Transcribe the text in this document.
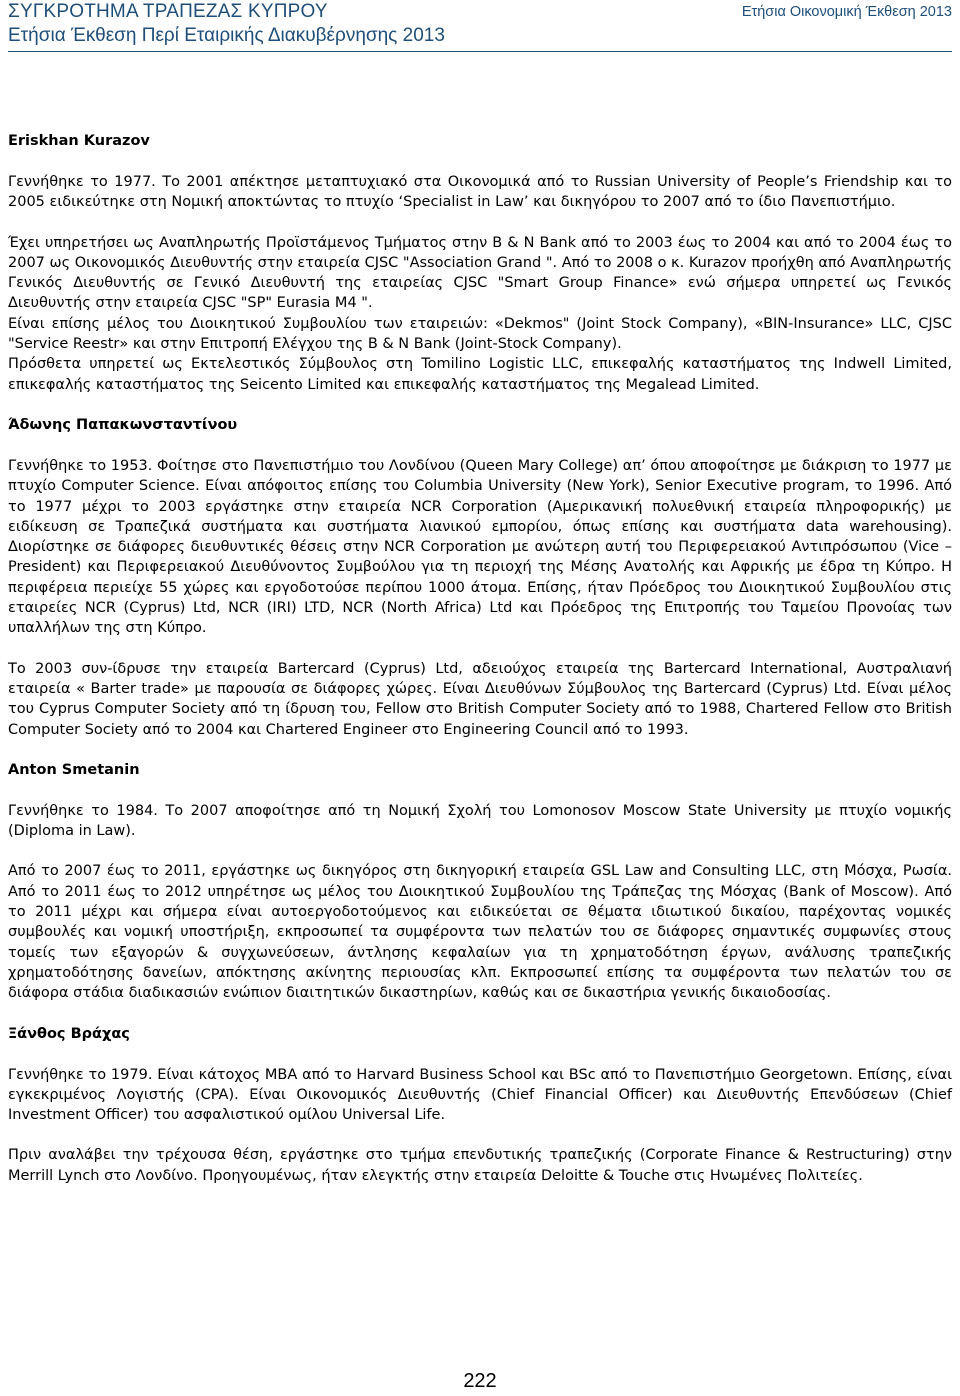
ΣΥΓΚΡΟΤΗΜΑ ΤΡΑΠΕΖΑΣ ΚΥΠΡΟΥ
Ετήσια Έκθεση Περί Εταιρικής Διακυβέρνησης 2013
Ετήσια Οικονομική Έκθεση 2013
Eriskhan Kurazov

Γεννήθηκε το 1977. Το 2001 απέκτησε μεταπτυχιακό στα Οικονομικά από το Russian University of People’s Friendship και το 2005 ειδικεύτηκε στη Νομική αποκτώντας το πτυχίο ‘Specialist in Law’ και δικηγόρου το 2007 από το ίδιο Πανεπιστήμιο.

Έχει υπηρετήσει ως Αναπληρωτής Προϊστάμενος Τμήματος στην B & N Bank από το 2003 έως το 2004 και από το 2004 έως το 2007 ως Οικονομικός Διευθυντής στην εταιρεία CJSC "Association Grand ". Από το 2008 ο κ. Kurazov προήχθη από Αναπληρωτής Γενικός Διευθυντής σε Γενικό Διευθυντή της εταιρείας CJSC "Smart Group Finance» ενώ σήμερα υπηρετεί ως Γενικός Διευθυντής στην εταιρεία CJSC "SP" Eurasia M4 ".

Είναι επίσης μέλος του Διοικητικού Συμβουλίου των εταιρειών: «Dekmos" (Joint Stock Company), «BIN-Insurance» LLC, CJSC "Service Reestr» και στην Επιτροπή Ελέγχου της B & N Bank (Joint-Stock Company).

Πρόσθετα υπηρετεί ως Εκτελεστικός Σύμβουλος στη Tomilino Logistic LLC, επικεφαλής καταστήματος της Indwell Limited, επικεφαλής καταστήματος της Seicento Limited και επικεφαλής καταστήματος της Megalead Limited.

Άδωνης Παπακωνσταντίνου

Γεννήθηκε το 1953. Φοίτησε στο Πανεπιστήμιο του Λονδίνου (Queen Mary College) απ’ όπου αποφοίτησε με διάκριση το 1977 με πτυχίο Computer Science. Είναι απόφοιτος επίσης του Columbia University (New York), Senior Executive program, το 1996. Από το 1977 μέχρι το 2003 εργάστηκε στην εταιρεία NCR Corporation (Αμερικανική πολυεθνική εταιρεία πληροφορικής) με ειδίκευση σε Τραπεζικά συστήματα και συστήματα λιανικού εμπορίου, όπως επίσης και συστήματα data warehousing). Διορίστηκε σε διάφορες διευθυντικές θέσεις στην NCR Corporation με ανώτερη αυτή του Περιφερειακού Αντιπρόσωπου (Vice – President) και Περιφερειακού Διευθύνοντος Συμβούλου για τη περιοχή της Μέσης Ανατολής και Αφρικής με έδρα τη Κύπρο. Η περιφέρεια περιείχε 55 χώρες και εργοδοτούσε περίπου 1000 άτομα. Επίσης, ήταν Πρόεδρος του Διοικητικού Συμβουλίου στις εταιρείες NCR (Cyprus) Ltd, NCR (IRI) LTD, NCR (North Africa) Ltd και Πρόεδρος της Επιτροπής του Ταμείου Προνοίας των υπαλλήλων της στη Κύπρο.

Το 2003 συν-ίδρυσε την εταιρεία Bartercard (Cyprus) Ltd, αδειούχος εταιρεία της Bartercard International, Αυστραλιανή εταιρεία « Barter trade» με παρουσία σε διάφορες χώρες. Είναι Διευθύνων Σύμβουλος της Bartercard (Cyprus) Ltd. Είναι μέλος του Cyprus Computer Society από τη ίδρυση του, Fellow στο British Computer Society από το 1988, Chartered Fellow στο British Computer Society από το 2004 και Chartered Engineer στο Engineering Council από το 1993.

Anton Smetanin

Γεννήθηκε το 1984. Το 2007 αποφοίτησε από τη Νομική Σχολή του Lomonosov Moscow State University με πτυχίο νομικής (Diploma in Law).

Από το 2007 έως το 2011, εργάστηκε ως δικηγόρος στη δικηγορική εταιρεία GSL Law and Consulting LLC, στη Μόσχα, Ρωσία. Από το 2011 έως το 2012 υπηρέτησε ως μέλος του Διοικητικού Συμβουλίου της Τράπεζας της Μόσχας (Bank of Moscow). Από το 2011 μέχρι και σήμερα είναι αυτοεργοδοτούμενος και ειδικεύεται σε θέματα ιδιωτικού δικαίου, παρέχοντας νομικές συμβουλές και νομική υποστήριξη, εκπροσωπεί τα συμφέροντα των πελατών του σε διάφορες σημαντικές συμφωνίες στους τομείς των εξαγορών & συγχωνεύσεων, άντλησης κεφαλαίων για τη χρηματοδότηση έργων, ανάλυσης τραπεζικής χρηματοδότησης δανείων, απόκτησης ακίνητης περιουσίας κλπ. Εκπροσωπεί επίσης τα συμφέροντα των πελατών του σε διάφορα στάδια διαδικασιών ενώπιον διαιτητικών δικαστηρίων, καθώς και σε δικαστήρια γενικής δικαιοδοσίας.

Ξάνθος Βράχας

Γεννήθηκε το 1979. Είναι κάτοχος MBA από το Harvard Business School και BSc από το Πανεπιστήμιο Georgetown. Επίσης, είναι εγκεκριμένος Λογιστής (CPA). Είναι Οικονομικός Διευθυντής (Chief Financial Officer) και Διευθυντής Επενδύσεων (Chief Investment Officer) του ασφαλιστικού ομίλου Universal Life.

Πριν αναλάβει την τρέχουσα θέση, εργάστηκε στο τμήμα επενδυτικής τραπεζικής (Corporate Finance & Restructuring) στην Merrill Lynch στο Λονδίνο. Προηγουμένως, ήταν ελεγκτής στην εταιρεία Deloitte & Touche στις Ηνωμένες Πολιτείες.

222
